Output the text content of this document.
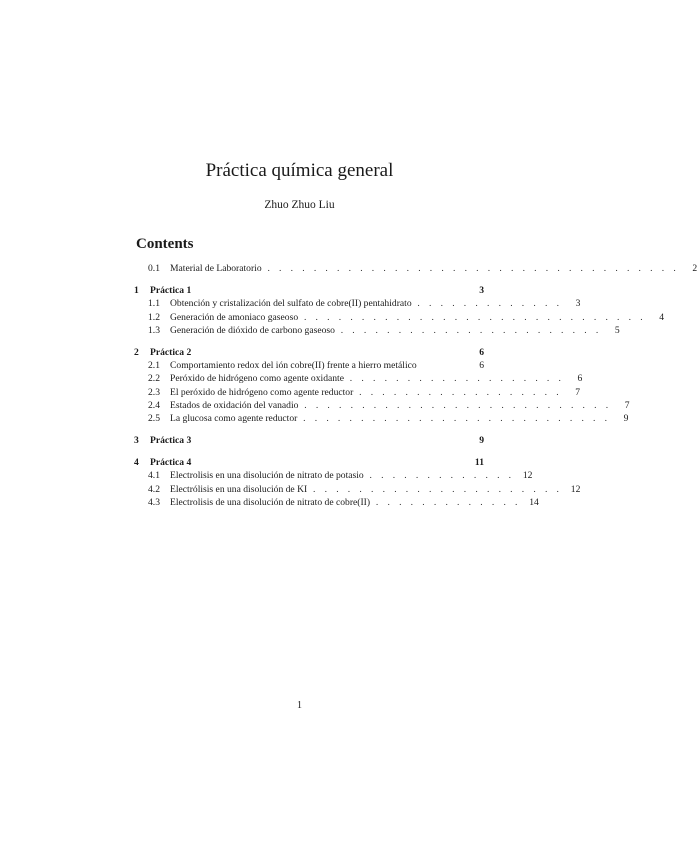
Práctica química general
Zhuo Zhuo Liu
Contents
0.1	Material de Laboratorio . . . . . . . . . . . . . . . . . . . . . . . . . . . . . . . . . . . .	2
1	Práctica 1	3
1.1	Obtención y cristalización del sulfato de cobre(II) pentahidrato . . . . . . . . . . . . .	3
1.2	Generación de amoniaco gaseoso . . . . . . . . . . . . . . . . . . . . . . . . . . . . . .	4
1.3	Generación de dióxido de carbono gaseoso . . . . . . . . . . . . . . . . . . . . . . .	5
2	Práctica 2	6
2.1	Comportamiento redox del ión cobre(II) frente a hierro metálico	6
2.2	Peróxido de hidrógeno como agente oxidante . . . . . . . . . . . . . . . . . . .	6
2.3	El peróxido de hidrógeno como agente reductor . . . . . . . . . . . . . . . . . .	7
2.4	Estados de oxidación del vanadio . . . . . . . . . . . . . . . . . . . . . . . . . . .	7
2.5	La glucosa como agente reductor . . . . . . . . . . . . . . . . . . . . . . . . . . .	9
3	Práctica 3	9
4	Práctica 4	11
4.1	Electrolisis en una disolución de nitrato de potasio . . . . . . . . . . . . . 12
4.2	Electrólisis en una disolución de KI . . . . . . . . . . . . . . . . . . . . . . 12
4.3	Electrolisis de una disolución de nitrato de cobre(II) . . . . . . . . . . . . . 14
1
